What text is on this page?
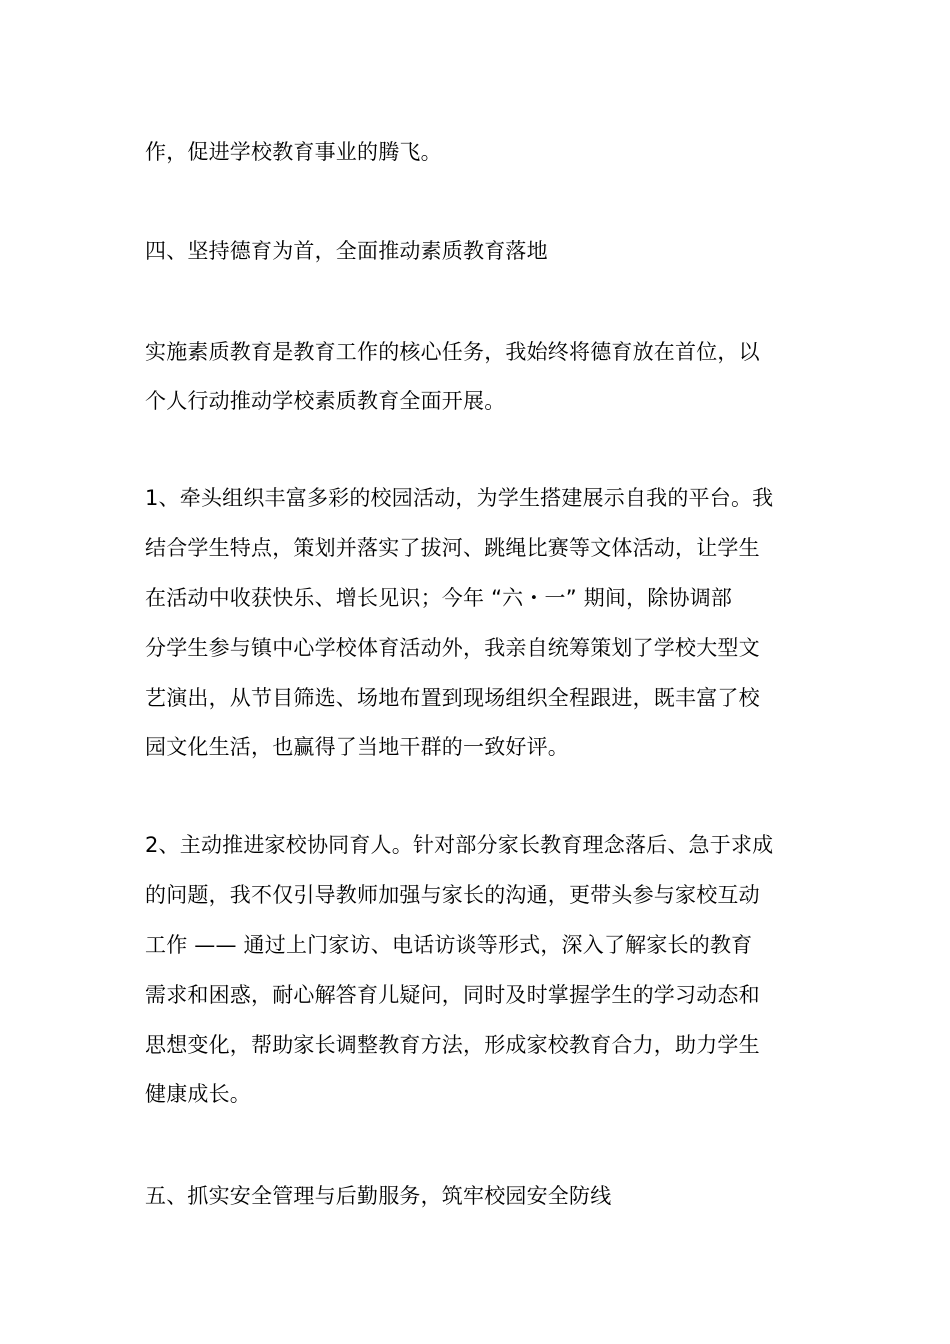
作，促进学校教育事业的腾飞。
四、坚持德育为首，全面推动素质教育落地
实施素质教育是教育工作的核心任务，我始终将德育放在首位，以
个人行动推动学校素质教育全面开展。
1、牵头组织丰富多彩的校园活动，为学生搭建展示自我的平台。我
结合学生特点，策划并落实了拔河、跳绳比赛等文体活动，让学生
在活动中收获快乐、增长见识；今年 “六・一” 期间，除协调部
分学生参与镇中心学校体育活动外，我亲自统筹策划了学校大型文
艺演出，从节目筛选、场地布置到现场组织全程跟进，既丰富了校
园文化生活，也赢得了当地干群的一致好评。
2、主动推进家校协同育人。针对部分家长教育理念落后、急于求成
的问题，我不仅引导教师加强与家长的沟通，更带头参与家校互动
工作 —— 通过上门家访、电话访谈等形式，深入了解家长的教育
需求和困惑，耐心解答育儿疑问，同时及时掌握学生的学习动态和
思想变化，帮助家长调整教育方法，形成家校教育合力，助力学生
健康成长。
五、抓实安全管理与后勤服务，筑牢校园安全防线
